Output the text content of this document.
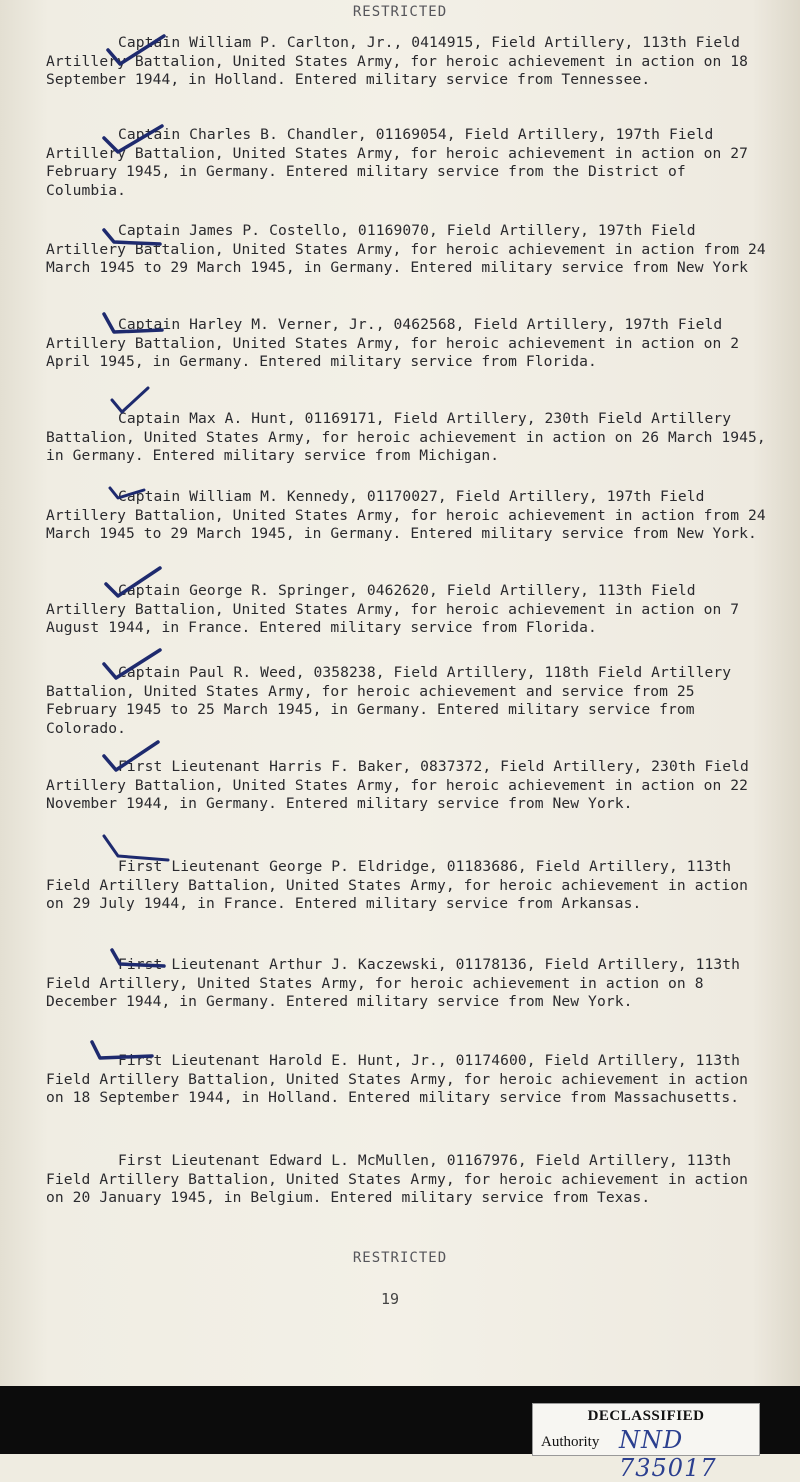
RESTRICTED

Captain William P. Carlton, Jr., 0414915, Field Artillery, 113th Field Artillery Battalion, United States Army, for heroic achievement in action on 18 September 1944, in Holland. Entered military service from Tennessee.

Captain Charles B. Chandler, 01169054, Field Artillery, 197th Field Artillery Battalion, United States Army, for heroic achievement in action on 27 February 1945, in Germany. Entered military service from the District of Columbia.

Captain James P. Costello, 01169070, Field Artillery, 197th Field Artillery Battalion, United States Army, for heroic achievement in action from 24 March 1945 to 29 March 1945, in Germany. Entered military service from New York

Captain Harley M. Verner, Jr., 0462568, Field Artillery, 197th Field Artillery Battalion, United States Army, for heroic achievement in action on 2 April 1945, in Germany. Entered military service from Florida.

Captain Max A. Hunt, 01169171, Field Artillery, 230th Field Artillery Battalion, United States Army, for heroic achievement in action on 26 March 1945, in Germany. Entered military service from Michigan.

Captain William M. Kennedy, 01170027, Field Artillery, 197th Field Artillery Battalion, United States Army, for heroic achievement in action from 24 March 1945 to 29 March 1945, in Germany. Entered military service from New York.

Captain George R. Springer, 0462620, Field Artillery, 113th Field Artillery Battalion, United States Army, for heroic achievement in action on 7 August 1944, in France. Entered military service from Florida.

Captain Paul R. Weed, 0358238, Field Artillery, 118th Field Artillery Battalion, United States Army, for heroic achievement and service from 25 February 1945 to 25 March 1945, in Germany. Entered military service from Colorado.

First Lieutenant Harris F. Baker, 0837372, Field Artillery, 230th Field Artillery Battalion, United States Army, for heroic achievement in action on 22 November 1944, in Germany. Entered military service from New York.

First Lieutenant George P. Eldridge, 01183686, Field Artillery, 113th Field Artillery Battalion, United States Army, for heroic achievement in action on 29 July 1944, in France. Entered military service from Arkansas.

First Lieutenant Arthur J. Kaczewski, 01178136, Field Artillery, 113th Field Artillery, United States Army, for heroic achievement in action on 8 December 1944, in Germany. Entered military service from New York.

First Lieutenant Harold E. Hunt, Jr., 01174600, Field Artillery, 113th Field Artillery Battalion, United States Army, for heroic achievement in action on 18 September 1944, in Holland. Entered military service from Massachusetts.

First Lieutenant Edward L. McMullen, 01167976, Field Artillery, 113th Field Artillery Battalion, United States Army, for heroic achievement in action on 20 January 1945, in Belgium. Entered military service from Texas.

RESTRICTED
19
DECLASSIFIED
Authority NND 735017
